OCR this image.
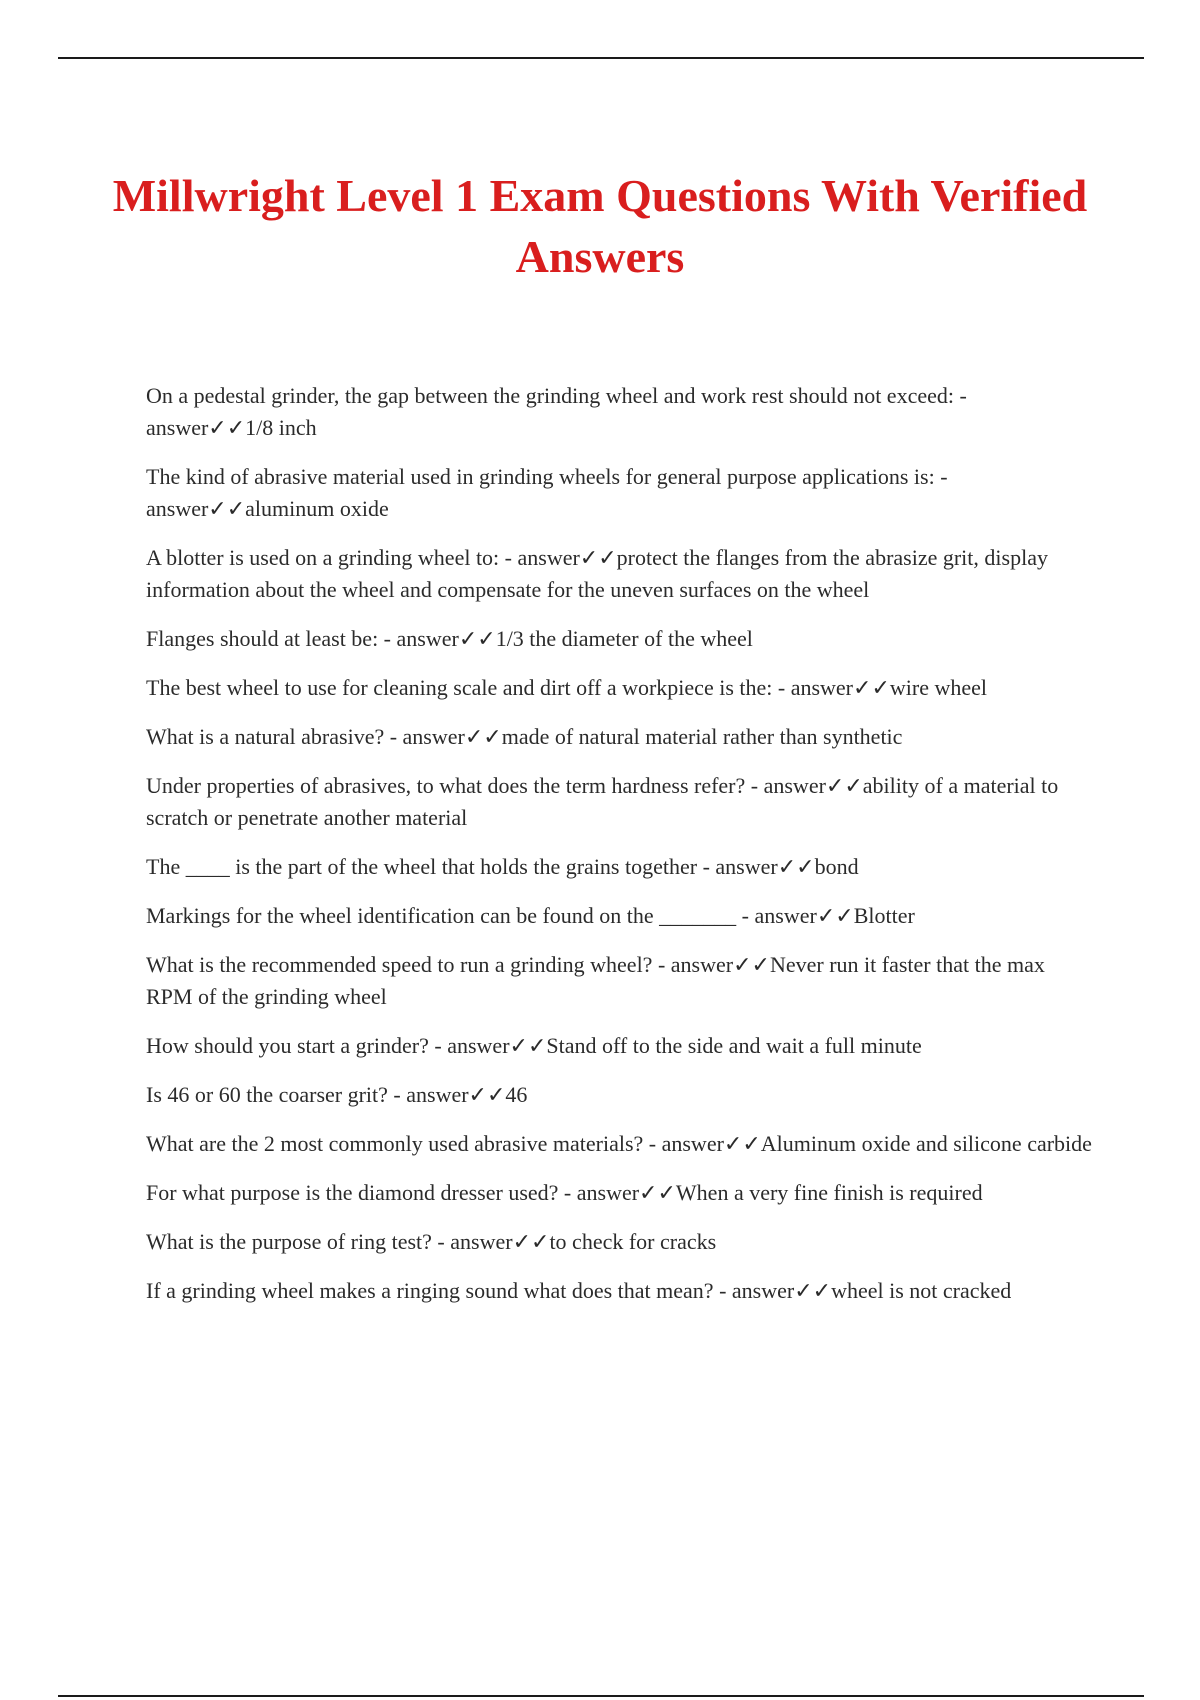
Millwright Level 1 Exam Questions With Verified Answers
On a pedestal grinder, the gap between the grinding wheel and work rest should not exceed: - answer✓✓1/8 inch
The kind of abrasive material used in grinding wheels for general purpose applications is: - answer✓✓aluminum oxide
A blotter is used on a grinding wheel to: - answer✓✓protect the flanges from the abrasize grit, display information about the wheel and compensate for the uneven surfaces on the wheel
Flanges should at least be: - answer✓✓1/3 the diameter of the wheel
The best wheel to use for cleaning scale and dirt off a workpiece is the: - answer✓✓wire wheel
What is a natural abrasive? - answer✓✓made of natural material rather than synthetic
Under properties of abrasives, to what does the term hardness refer? - answer✓✓ability of a material to scratch or penetrate another material
The ____ is the part of the wheel that holds the grains together - answer✓✓bond
Markings for the wheel identification can be found on the _______ - answer✓✓Blotter
What is the recommended speed to run a grinding wheel? - answer✓✓Never run it faster that the max RPM of the grinding wheel
How should you start a grinder? - answer✓✓Stand off to the side and wait a full minute
Is 46 or 60 the coarser grit? - answer✓✓46
What are the 2 most commonly used abrasive materials? - answer✓✓Aluminum oxide and silicone carbide
For what purpose is the diamond dresser used? - answer✓✓When a very fine finish is required
What is the purpose of ring test? - answer✓✓to check for cracks
If a grinding wheel makes a ringing sound what does that mean? - answer✓✓wheel is not cracked
